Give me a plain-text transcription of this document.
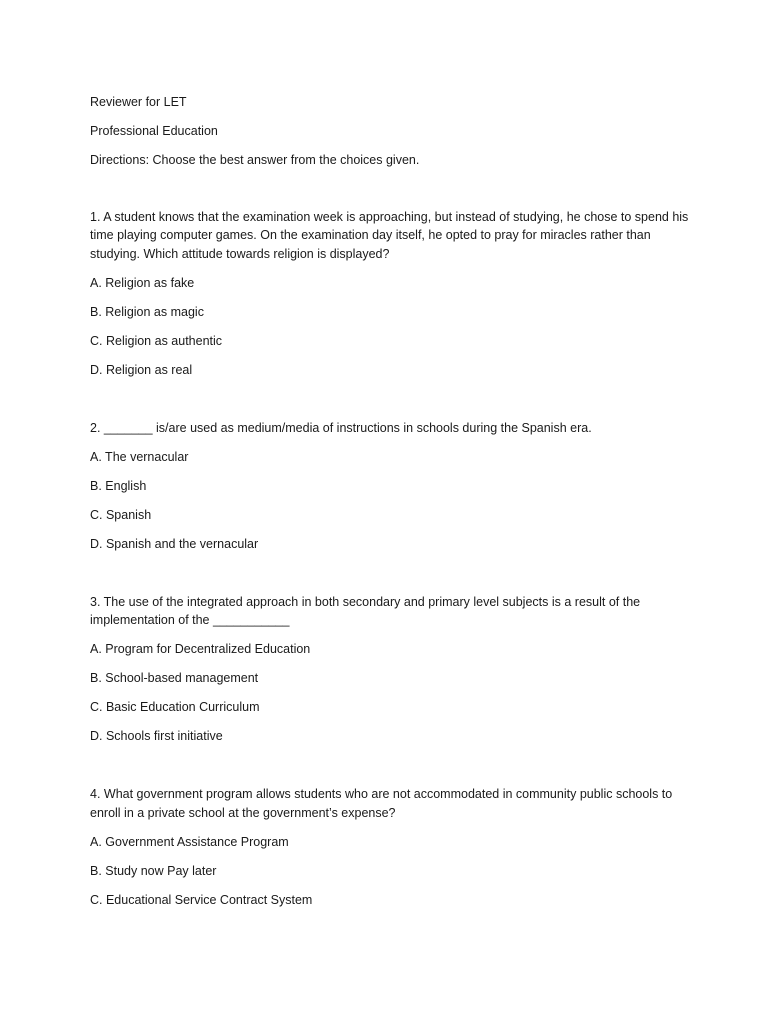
Reviewer for LET

Professional Education

Directions: Choose the best answer from the choices given.

1. A student knows that the examination week is approaching, but instead of studying, he chose to spend his time playing computer games. On the examination day itself, he opted to pray for miracles rather than studying. Which attitude towards religion is displayed?

A. Religion as fake
B. Religion as magic
C. Religion as authentic
D. Religion as real

2. _______ is/are used as medium/media of instructions in schools during the Spanish era.

A. The vernacular
B. English
C. Spanish
D. Spanish and the vernacular

3. The use of the integrated approach in both secondary and primary level subjects is a result of the implementation of the ___________

A. Program for Decentralized Education
B. School-based management
C. Basic Education Curriculum
D. Schools first initiative

4. What government program allows students who are not accommodated in community public schools to enroll in a private school at the government’s expense?

A. Government Assistance Program
B. Study now Pay later
C. Educational Service Contract System
